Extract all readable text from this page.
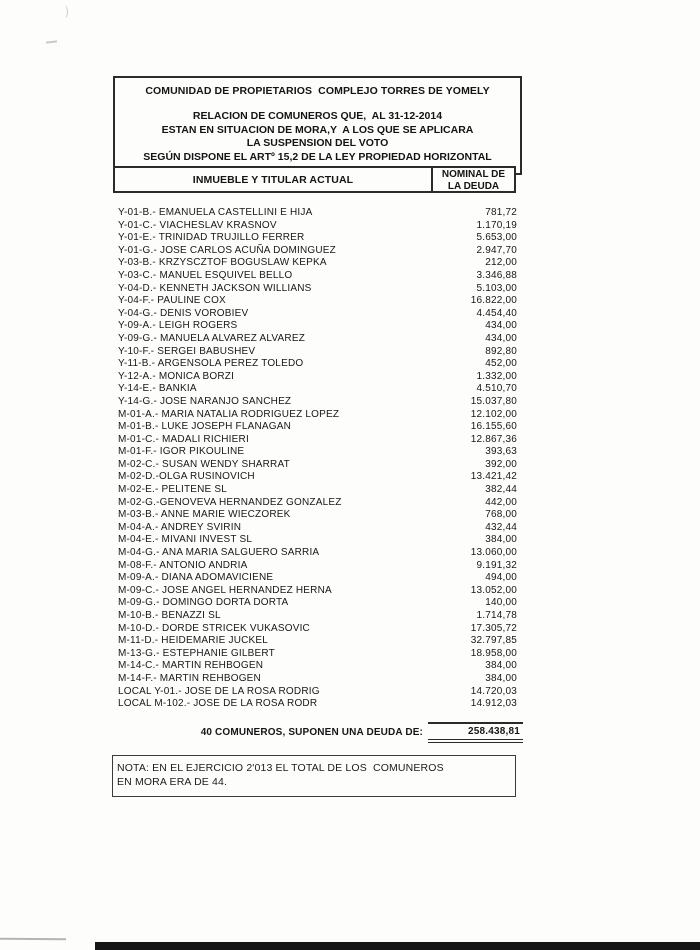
COMUNIDAD DE PROPIETARIOS  COMPLEJO TORRES DE YOMELY
RELACION DE COMUNEROS QUE,  AL 31-12-2014
ESTAN EN SITUACION DE MORA,Y  A LOS QUE SE APLICARA
LA SUSPENSION DEL VOTO
SEGÚN DISPONE EL ARTº 15,2 DE LA LEY PROPIEDAD HORIZONTAL
INMUEBLE Y TITULAR ACTUAL	NOMINAL DE
LA DEUDA
Y-01-B.- EMANUELA CASTELLINI E HIJA	781,72
Y-01-C.- VIACHESLAV KRASNOV	1.170,19
Y-01-E.- TRINIDAD TRUJILLO FERRER	5.653,00
Y-01-G.- JOSE CARLOS ACUÑA DOMINGUEZ	2.947,70
Y-03-B.- KRZYSCZTOF BOGUSLAW KEPKA	212,00
Y-03-C.- MANUEL ESQUIVEL BELLO	3.346,88
Y-04-D.- KENNETH JACKSON WILLIANS	5.103,00
Y-04-F.- PAULINE COX	16.822,00
Y-04-G.- DENIS VOROBIEV	4.454,40
Y-09-A.- LEIGH ROGERS	434,00
Y-09-G.- MANUELA ALVAREZ ALVAREZ	434,00
Y-10-F.- SERGEI BABUSHEV	892,80
Y-11-B.- ARGENSOLA PEREZ TOLEDO	452,00
Y-12-A.- MONICA BORZI	1.332,00
Y-14-E.- BANKIA	4.510,70
Y-14-G.- JOSE NARANJO SANCHEZ	15.037,80
M-01-A.- MARIA NATALIA RODRIGUEZ LOPEZ	12.102,00
M-01-B.- LUKE JOSEPH FLANAGAN	16.155,60
M-01-C.- MADALI RICHIERI	12.867,36
M-01-F.- IGOR PIKOULINE	393,63
M-02-C.- SUSAN WENDY SHARRAT	392,00
M-02-D.-OLGA RUSINOVICH	13.421,42
M-02-E.- PELITENE SL	382,44
M-02-G.-GENOVEVA HERNANDEZ GONZALEZ	442,00
M-03-B.- ANNE MARIE WIECZOREK	768,00
M-04-A.- ANDREY SVIRIN	432,44
M-04-E.- MIVANI INVEST SL	384,00
M-04-G.- ANA MARIA SALGUERO SARRIA	13.060,00
M-08-F.- ANTONIO ANDRIA	9.191,32
M-09-A.- DIANA ADOMAVICIENE	494,00
M-09-C.- JOSE ANGEL HERNANDEZ HERNA	13.052,00
M-09-G.- DOMINGO DORTA DORTA	140,00
M-10-B.- BENAZZI SL	1.714,78
M-10-D.- DORDE STRICEK VUKASOVIC	17.305,72
M-11-D.- HEIDEMARIE JUCKEL	32.797,85
M-13-G.- ESTEPHANIE GILBERT	18.958,00
M-14-C.- MARTIN REHBOGEN	384,00
M-14-F.- MARTIN REHBOGEN	384,00
LOCAL Y-01.- JOSE DE LA ROSA RODRIG	14.720,03
LOCAL M-102.- JOSE DE LA ROSA RODR	14.912,03
40 COMUNEROS, SUPONEN UNA DEUDA DE:	258.438,81
NOTA: EN EL EJERCICIO 2'013 EL TOTAL DE LOS  COMUNEROS
EN MORA ERA DE 44.
